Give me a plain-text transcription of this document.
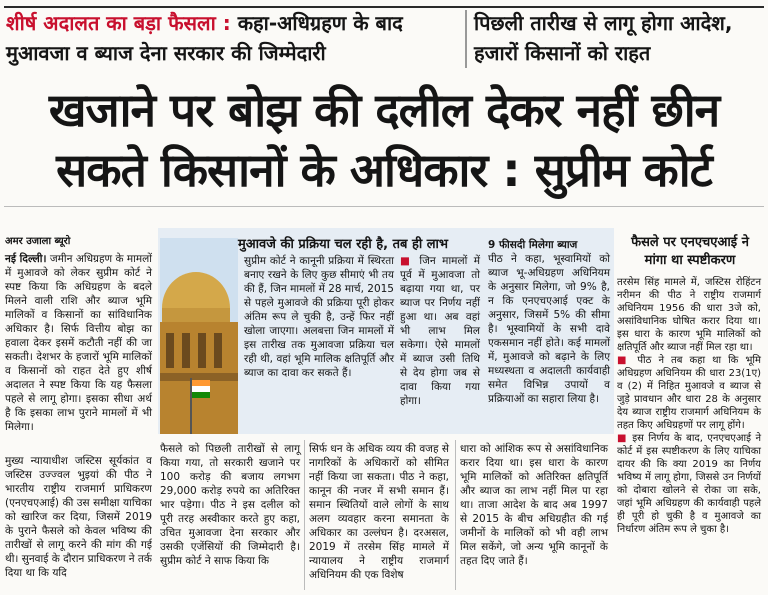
शीर्ष अदालत का बड़ा फैसला : कहा-अधिग्रहण के बाद मुआवजा व ब्याज देना सरकार की जिम्मेदारी
पिछली तारीख से लागू होगा आदेश, हजारों किसानों को राहत
खजाने पर बोझ की दलील देकर नहीं छीन
सकते किसानों के अधिकार : सुप्रीम कोर्ट
अमर उजाला ब्यूरो
नई दिल्ली। जमीन अधिग्रहण के मामलों में मुआवजे को लेकर सुप्रीम कोर्ट ने स्पष्ट किया कि अधिग्रहण के बदले मिलने वाली राशि और ब्याज भूमि मालिकों व किसानों का सांविधानिक अधिकार है। सिर्फ वित्तीय बोझ का हवाला देकर इसमें कटौती नहीं की जा सकती। देशभर के हजारों भूमि मालिकों व किसानों को राहत देते हुए शीर्ष अदालत ने स्पष्ट किया कि यह फैसला पहले से लागू होगा। इसका सीधा अर्थ है कि इसका लाभ पुराने मामलों में भी मिलेगा।
मुख्य न्यायाधीश जस्टिस सूर्यकांत व जस्टिस उज्ज्वल भुइयां की पीठ ने भारतीय राष्ट्रीय राजमार्ग प्राधिकरण (एनएचएआई) की उस समीक्षा याचिका को खारिज कर दिया, जिसमें 2019 के पुराने फैसले को केवल भविष्य की तारीखों से लागू करने की मांग की गई थी। सुनवाई के दौरान प्राधिकरण ने तर्क दिया था कि यदि
मुआवजे की प्रक्रिया चल रही है, तब ही लाभ
सुप्रीम कोर्ट ने कानूनी प्रक्रिया में स्थिरता बनाए रखने के लिए कुछ सीमाएं भी तय की हैं, जिन मामलों में 28 मार्च, 2015 से पहले मुआवजे की प्रक्रिया पूरी होकर अंतिम रूप ले चुकी है, उन्हें फिर नहीं खोला जाएगा। अलबत्ता जिन मामलों में इस तारीख तक मुआवजा प्रक्रिया चल रही थी, वहां भूमि मालिक क्षतिपूर्ति और ब्याज का दावा कर सकते हैं।
■ जिन मामलों में पूर्व में मुआवजा तो बढ़ाया गया था, पर ब्याज पर निर्णय नहीं हुआ था। अब वहां भी लाभ मिल सकेगा। ऐसे मामलों में ब्याज उसी तिथि से देय होगा जब से दावा किया गया होगा।
9 फीसदी मिलेगा ब्याज
पीठ ने कहा, भूस्वामियों को ब्याज भू-अधिग्रहण अधिनियम के अनुसार मिलेगा, जो 9% है, न कि एनएचएआई एक्ट के अनुसार, जिसमें 5% की सीमा है। भूस्वामियों के सभी दावे एकसमान नहीं होते। कई मामलों में, मुआवजे को बढ़ाने के लिए मध्यस्थता व अदालती कार्यवाही समेत विभिन्न उपायों व प्रक्रियाओं का सहारा लिया है।
फैसले पर एनएचएआई ने मांगा था स्पष्टीकरण
तरसेम सिंह मामले में, जस्टिस रोहिंटन नरीमन की पीठ ने राष्ट्रीय राजमार्ग अधिनियम 1956 की धारा 3जे को, असांविधानिक घोषित करार दिया था। इस धारा के कारण भूमि मालिकों को क्षतिपूर्ति और ब्याज नहीं मिल रहा था।
■ पीठ ने तब कहा था कि भूमि अधिग्रहण अधिनियम की धारा 23(1ए) व (2) में निहित मुआवजे व ब्याज से जुड़े प्रावधान और धारा 28 के अनुसार देय ब्याज राष्ट्रीय राजमार्ग अधिनियम के तहत किए अधिग्रहणों पर लागू होंगे।
■ इस निर्णय के बाद, एनएचएआई ने कोर्ट में इस स्पष्टीकरण के लिए याचिका दायर की कि क्या 2019 का निर्णय भविष्य में लागू होगा, जिससे उन निर्णयों को दोबारा खोलने से रोका जा सके, जहां भूमि अधिग्रहण की कार्यवाही पहले ही पूरी हो चुकी है व मुआवजे का निर्धारण अंतिम रूप ले चुका है।
फैसले को पिछली तारीखों से लागू किया गया, तो सरकारी खजाने पर 100 करोड़ की बजाय लगभग 29,000 करोड़ रुपये का अतिरिक्त भार पड़ेगा। पीठ ने इस दलील को पूरी तरह अस्वीकार करते हुए कहा, उचित मुआवजा देना सरकार और उसकी एजेंसियों की जिम्मेदारी है। सुप्रीम कोर्ट ने साफ किया कि
सिर्फ धन के अधिक व्यय की वजह से नागरिकों के अधिकारों को सीमित नहीं किया जा सकता। पीठ ने कहा, कानून की नजर में सभी समान हैं। समान स्थितियों वाले लोगों के साथ अलग व्यवहार करना समानता के अधिकार का उल्लंघन है। दरअसल, 2019 में तरसेम सिंह मामले में न्यायालय ने राष्ट्रीय राजमार्ग अधिनियम की एक विशेष
धारा को आंशिक रूप से असांविधानिक करार दिया था। इस धारा के कारण भूमि मालिकों को अतिरिक्त क्षतिपूर्ति और ब्याज का लाभ नहीं मिल पा रहा था। ताजा आदेश के बाद अब 1997 से 2015 के बीच अधिग्रहीत की गई जमीनों के मालिकों को भी वही लाभ मिल सकेंगे, जो अन्य भूमि कानूनों के तहत दिए जाते हैं।
